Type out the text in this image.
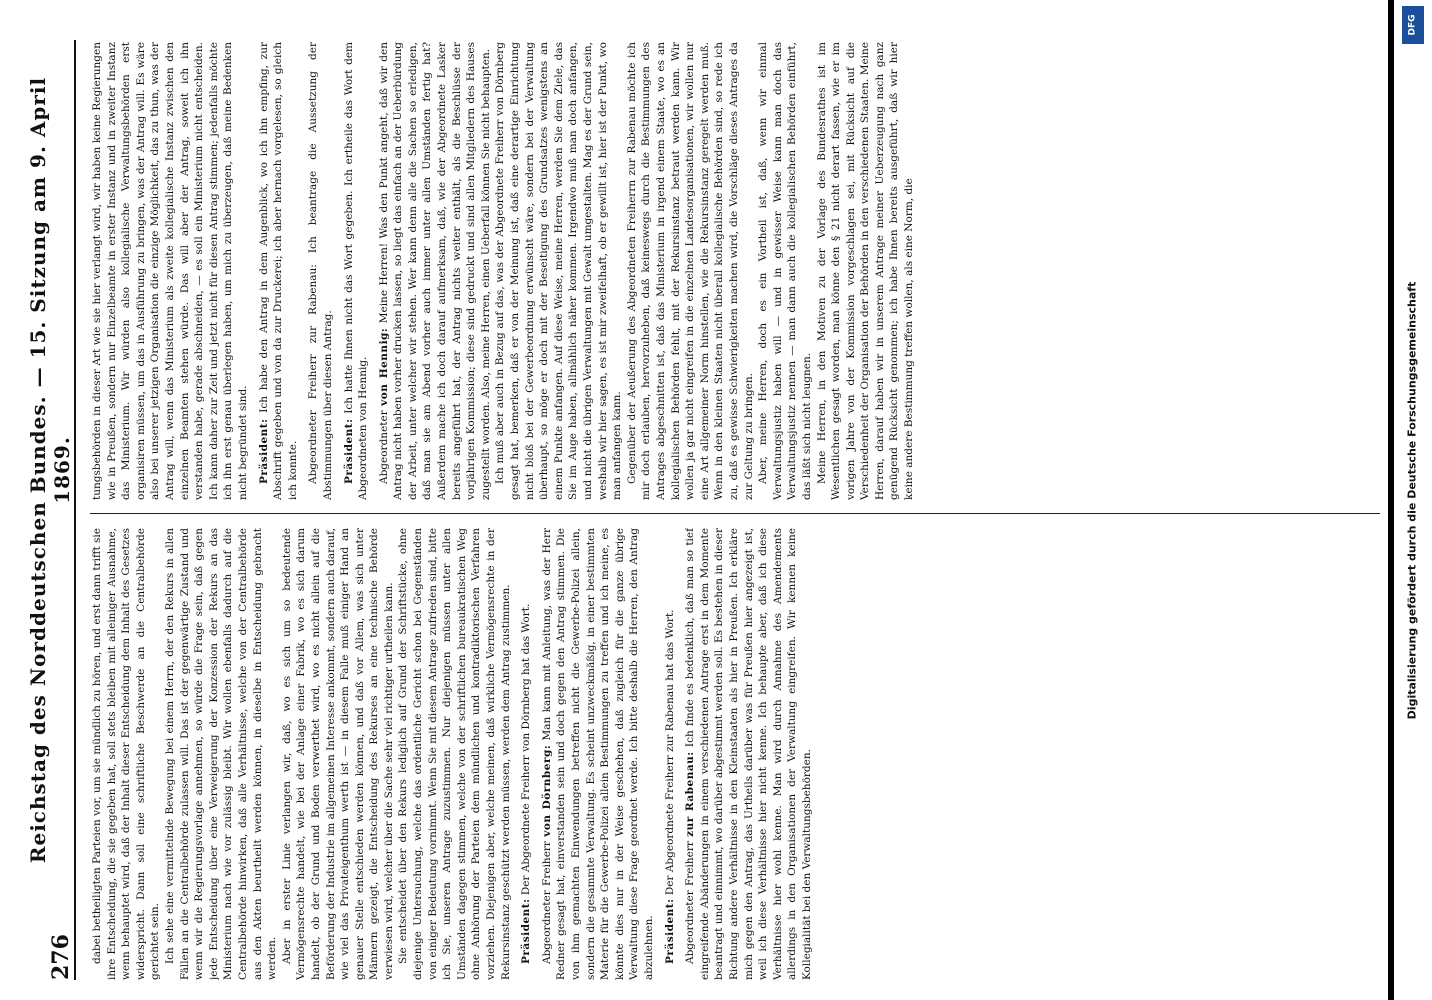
276
Reichstag des Norddeutschen Bundes. — 15. Sitzung am 9. April 1869.

dabei betheiligten Parteien vor, um sie mündlich zu hören, und erst dann trifft sie ihre Entscheidung, die sie gegeben hat, soll stets bleiben mit alleiniger Ausnahme, wenn behauptet wird, daß der Inhalt dieser Entscheidung dem Inhalt des Gesetzes widerspricht. Dann soll eine schriftliche Beschwerde an die Centralbehörde gerichtet sein. Ich sehe eine vermittelnde Bewegung bei einem Herrn, der den Rekurs in allen Fällen an die Centralbehörde zulassen will. Das ist der gegenwärtige Zustand und wenn wir die Regierungsvorlage annehmen, so würde die Frage sein, daß gegen jede Entscheidung über eine Verweigerung der Konzession der Rekurs an das Ministerium nach wie vor zulässig bleibt. Wir wollen ebenfalls dadurch auf die Centralbehörde hinwirken, daß alle Verhältnisse, welche von der Centralbehörde aus den Akten beurtheilt werden können, in dieselbe in Entscheidung gebracht werden. Aber in erster Linie verlangen wir, daß, wo es sich um so bedeutende Vermögensrechte handelt, wie bei der Anlage einer Fabrik, wo es sich darum handelt, ob der Grund und Boden verwerthet wird, wo es nicht allein auf die Beförderung der Industrie im allgemeinen Interesse ankommt, sondern auch darauf, wie viel das Privateigenthum werth ist — in diesem Falle muß einiger Hand an genauer Stelle entschieden werden können, und daß vor Allem, was sich unter Männern gezeigt, die Entscheidung des Rekurses an eine technische Behörde verwiesen wird, welcher über die Sache sehr viel richtiger urtheilen kann. Sie entscheidet über den Rekurs lediglich auf Grund der Schriftstücke, ohne diejenige Untersuchung, welche das ordentliche Gericht schon bei Gegenständen von einiger Bedeutung vornimmt. Wenn Sie mit diesem Antrage zufrieden sind, bitte ich Sie, unseren Antrage zuzustimmen. Nur diejenigen müssen unter allen Umständen dagegen stimmen, welche von der schriftlichen bureaukratischen Weg ohne Anhörung der Parteien dem mündlichen und kontradiktorischen Verfahren vorziehen. Diejenigen aber, welche meinen, daß wirkliche Vermögensrechte in der Rekursinstanz geschützt werden müssen, werden dem Antrag zustimmen. Präsident: Der Abgeordnete Freiherr von Dörnberg hat das Wort.

Abgeordneter Freiherr von Dörnberg: Man kann mit Anleitung, was der Herr Redner gesagt hat, einverstanden sein und doch gegen den Antrag stimmen. Die von ihm gemachten Einwendungen betreffen nicht die Gewerbe-Polizei allein, sondern die gesammte Verwaltung. Es scheint unzweckmäßig, in einer bestimmten Materie für die Gewerbe-Polizei allein Bestimmungen zu treffen und ich meine, es könnte dies nur in der Weise geschehen, daß zugleich für die ganze übrige Verwaltung diese Frage geordnet werde. Ich bitte deshalb die Herren, den Antrag abzulehnen. Präsident: Der Abgeordnete Freiherr zur Rabenau hat das Wort.

Abgeordneter Freiherr zur Rabenau: Ich finde es bedenklich, daß man so tief eingreifende Abänderungen in einem verschiedenen Antrage erst in dem Momente beantragt und einnimmt, wo darüber abgestimmt werden soll. Es bestehen in dieser Richtung andere Verhältnisse in den Kleinstaaten als hier in Preußen. Ich erkläre mich gegen den Antrag, das Urtheils darüber was für Preußen hier angezeigt ist, weil ich diese Verhältnisse hier nicht kenne. Ich behaupte aber, daß ich diese Verhältnisse hier wohl kenne. Man wird durch Annahme des Amendements allerdings in den Organisationen der Verwaltung eingreifen. Wir kennen keine Kollegialität bei den Verwaltungsbehörden.

tungsbehörden in dieser Art wie sie hier verlangt wird, wir haben keine Regierungen wie in Preußen, sondern nur Einzelbeamte in erster Instanz und in zweiter Instanz das Ministerium. Wir würden also kollegialische Verwaltungsbehörden erst organisiren müssen, um das in Ausführung zu bringen, was der Antrag will. Es wäre also bei unserer jetzigen Organisation die einzige Möglichkeit, das zu thun, was der Antrag will, wenn das Ministerium als zweite kollegialische Instanz zwischen den einzelnen Beamten stehen würde. Das will aber der Antrag, soweit ich ihn verstanden habe, gerade abschneiden, — es soll ein Ministerium nicht entscheiden. Ich kann daher zur Zeit und jetzt nicht für diesen Antrag stimmen; jedenfalls möchte ich ihn erst genau überlegen haben, um mich zu überzeugen, daß meine Bedenken nicht begründet sind. Präsident: Ich habe den Antrag in dem Augenblick, wo ich ihn empfing, zur Abschrift gegeben und von da zur Druckerei; ich aber hernach vorgelesen, so gleich ich konnte. Abgeordneter Freiherr zur Rabenau: Ich beantrage die Aussetzung der Abstimmungen über diesen Antrag. Präsident: Ich hatte Ihnen nicht das Wort gegeben. Ich ertheile das Wort dem Abgeordneten von Hennig. Abgeordneter von Hennig: Meine Herren! Was den Punkt angeht, daß wir den Antrag nicht haben vorher drucken lassen, so liegt das einfach an der Ueberbürdung der Arbeit, unter welcher wir stehen. Wer kann denn alle die Sachen so erledigen, daß man sie am Abend vorher auch immer unter allen Umständen fertig hat? Außerdem mache ich doch darauf aufmerksam, daß, wie der Abgeordnete Lasker bereits angeführt hat, der Antrag nichts weiter enthält, als die Beschlüsse der vorjährigen Kommission; diese sind gedruckt und sind allen Mitgliedern des Hauses zugestellt worden. Also, meine Herren, einen Ueberfall können Sie nicht behaupten. Ich muß aber auch in Bezug auf das, was der Abgeordnete Freiherr von Dörnberg gesagt hat, bemerken, daß er von der Meinung ist, daß eine derartige Einrichtung nicht bloß bei der Gewerbeordnung erwünscht wäre, sondern bei der Verwaltung überhaupt, so möge er doch mit der Beseitigung des Grundsatzes wenigstens an einem Punkte anfangen. Auf diese Weise, meine Herren, werden Sie dem Ziele, das Sie im Auge haben, allmählich näher kommen. Irgendwo muß man doch anfangen, und nicht die übrigen Verwaltungen mit Gewalt umgestalten. Mag es der Grund sein, weshalb wir hier sagen, es ist mir zweifelhaft, ob er gewillt ist, hier ist der Punkt, wo man anfangen kann. Gegenüber der Aeußerung des Abgeordneten Freiherrn zur Rabenau möchte ich mir doch erlauben, hervorzuheben, daß keineswegs durch die Bestimmungen des Antrages abgeschnitten ist, daß das Ministerium in irgend einem Staate, wo es an kollegialischen Behörden fehlt, mit der Rekursinstanz betraut werden kann. Wir wollen ja gar nicht eingreifen in die einzelnen Landesorganisationen, wir wollen nur eine Art allgemeiner Norm hinstellen, wie die Rekursinstanz geregelt werden muß. Wenn in den kleinen Staaten nicht überall kollegialische Behörden sind, so rede ich zu, daß es gewisse Schwierigkeiten machen wird, die Vorschläge dieses Antrages da zur Geltung zu bringen. Aber, meine Herren, doch es ein Vortheil ist, daß, wenn wir einmal Verwaltungsjustiz haben will — und in gewisser Weise kann man doch das Verwaltungsjustiz nennen — man dann auch die kollegialischen Behörden einführt, das läßt sich nicht leugnen. Meine Herren, in den Motiven zu der Vorlage des Bundesrathes ist im Wesentlichen gesagt worden, man könne den § 21 nicht derart fassen, wie er im vorigen Jahre von der Kommission vorgeschlagen sei, mit Rücksicht auf die Verschiedenheit der Organisation der Behörden in den verschiedenen Staaten. Meine Herren, darauf haben wir in unserem Antrage meiner Ueberzeugung nach ganz genügend Rücksicht genommen; ich habe Ihnen bereits ausgeführt, daß wir hier keine andere Bestimmung treffen wollen, als eine Norm, die	Digitalisierung gefördert durch die Deutsche Forschungsgemeinschaft
DFG
